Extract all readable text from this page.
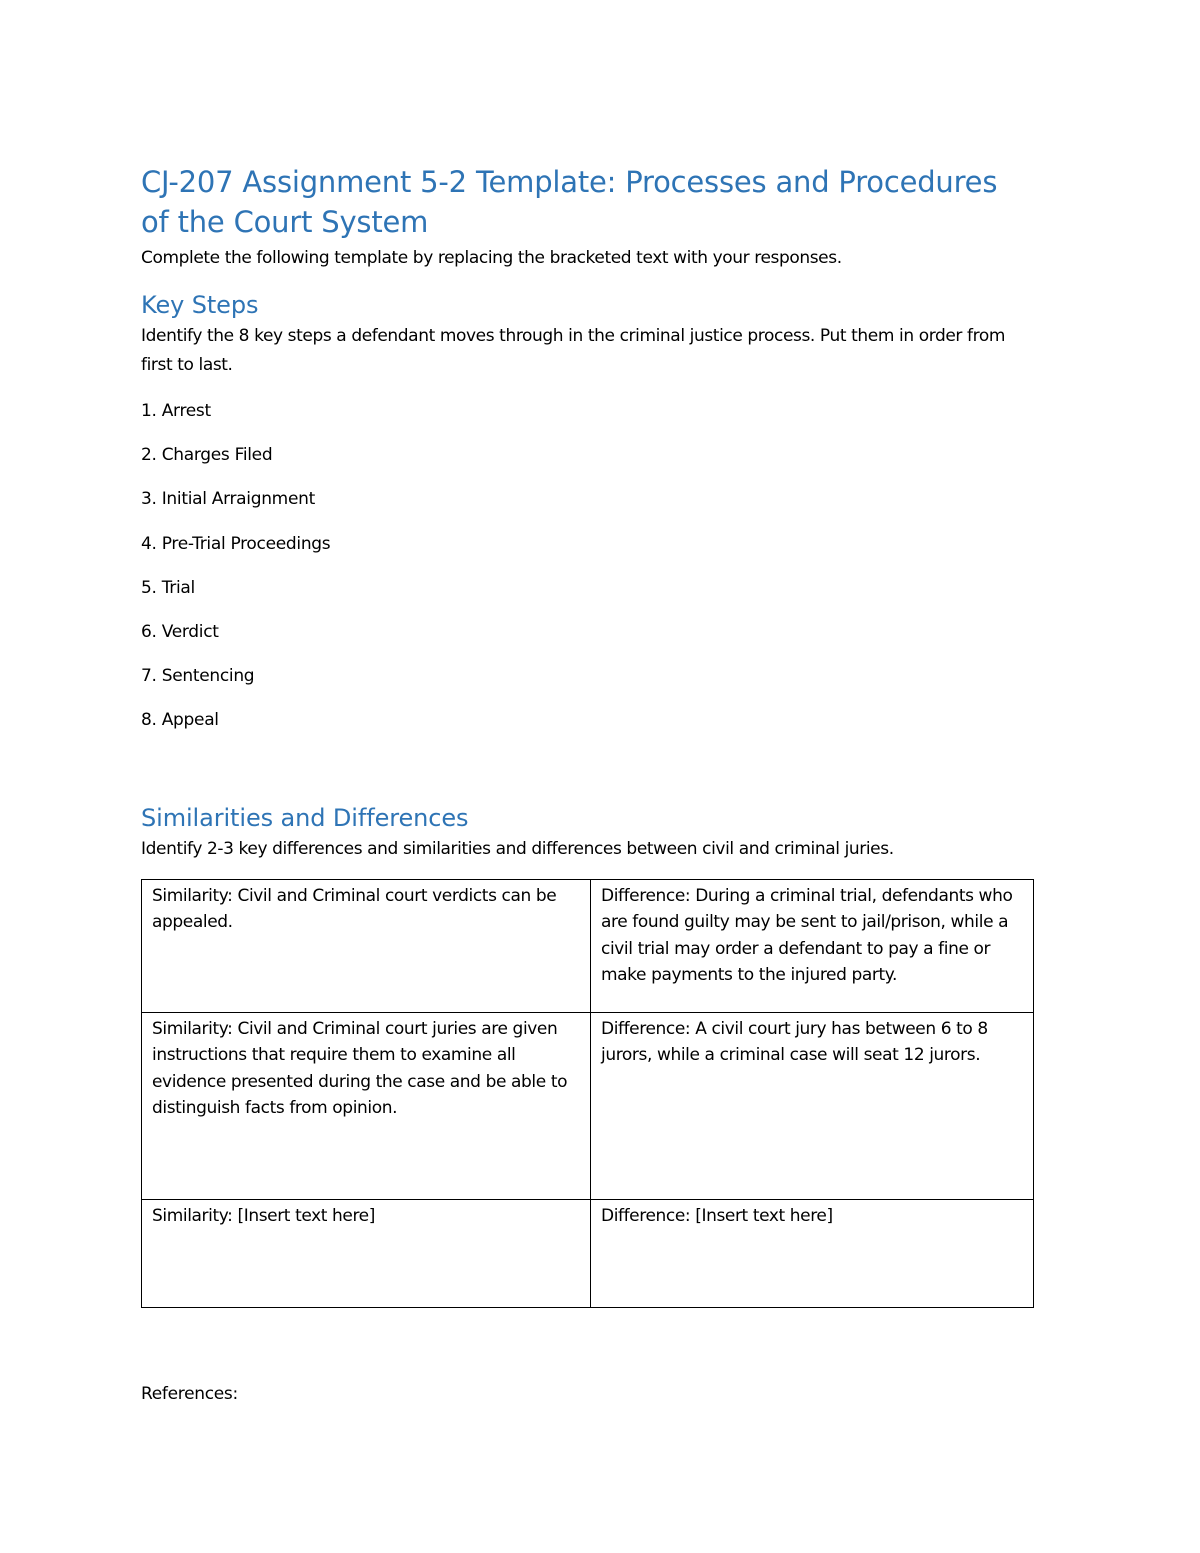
CJ-207 Assignment 5-2 Template: Processes and Procedures of the Court System

Complete the following template by replacing the bracketed text with your responses.

Key Steps

Identify the 8 key steps a defendant moves through in the criminal justice process. Put them in order from first to last.

1. Arrest
2. Charges Filed
3. Initial Arraignment
4. Pre-Trial Proceedings
5. Trial
6. Verdict
7. Sentencing
8. Appeal
Similarities and Differences

Identify 2-3 key differences and similarities and differences between civil and criminal juries.

Similarity: Civil and Criminal court verdicts can be appealed.	Difference: During a criminal trial, defendants who are found guilty may be sent to jail/prison, while a civil trial may order a defendant to pay a fine or make payments to the injured party.
Similarity: Civil and Criminal court juries are given instructions that require them to examine all evidence presented during the case and be able to distinguish facts from opinion.	Difference: A civil court jury has between 6 to 8 jurors, while a criminal case will seat 12 jurors.
Similarity: [Insert text here]	Difference: [Insert text here]

References:
